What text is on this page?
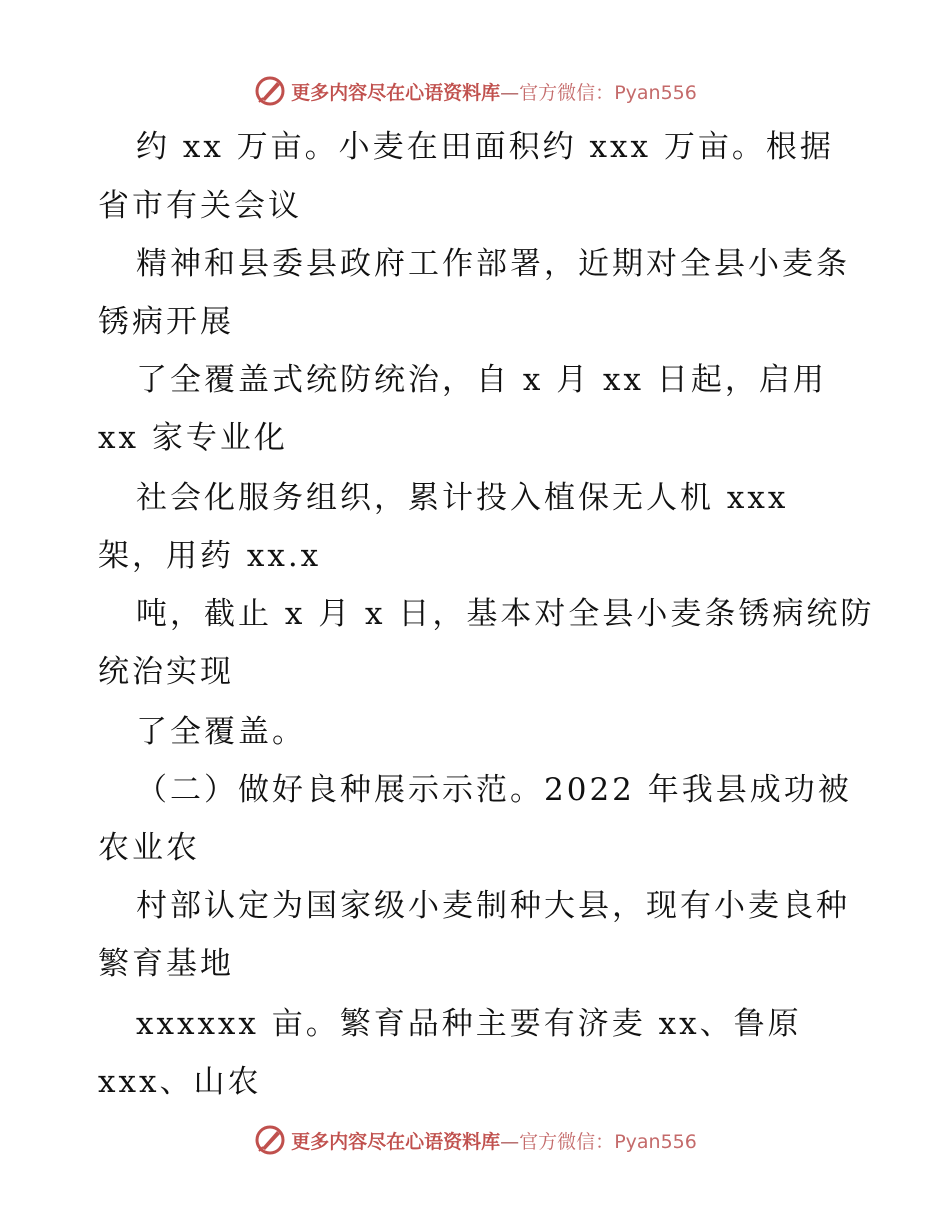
更多内容尽在心语资料库—官方微信：Pyan556
约 xx 万亩。小麦在田面积约 xxx 万亩。根据
省市有关会议
精神和县委县政府工作部署，近期对全县小麦条
锈病开展
了全覆盖式统防统治，自 x 月 xx 日起，启用
xx 家专业化
社会化服务组织，累计投入植保无人机 xxx
架，用药 xx.x
吨，截止 x 月 x 日，基本对全县小麦条锈病统防
统治实现
了全覆盖。
（二）做好良种展示示范。2022 年我县成功被
农业农
村部认定为国家级小麦制种大县，现有小麦良种
繁育基地
xxxxxx 亩。繁育品种主要有济麦 xx、鲁原
xxx、山农
更多内容尽在心语资料库—官方微信：Pyan556
